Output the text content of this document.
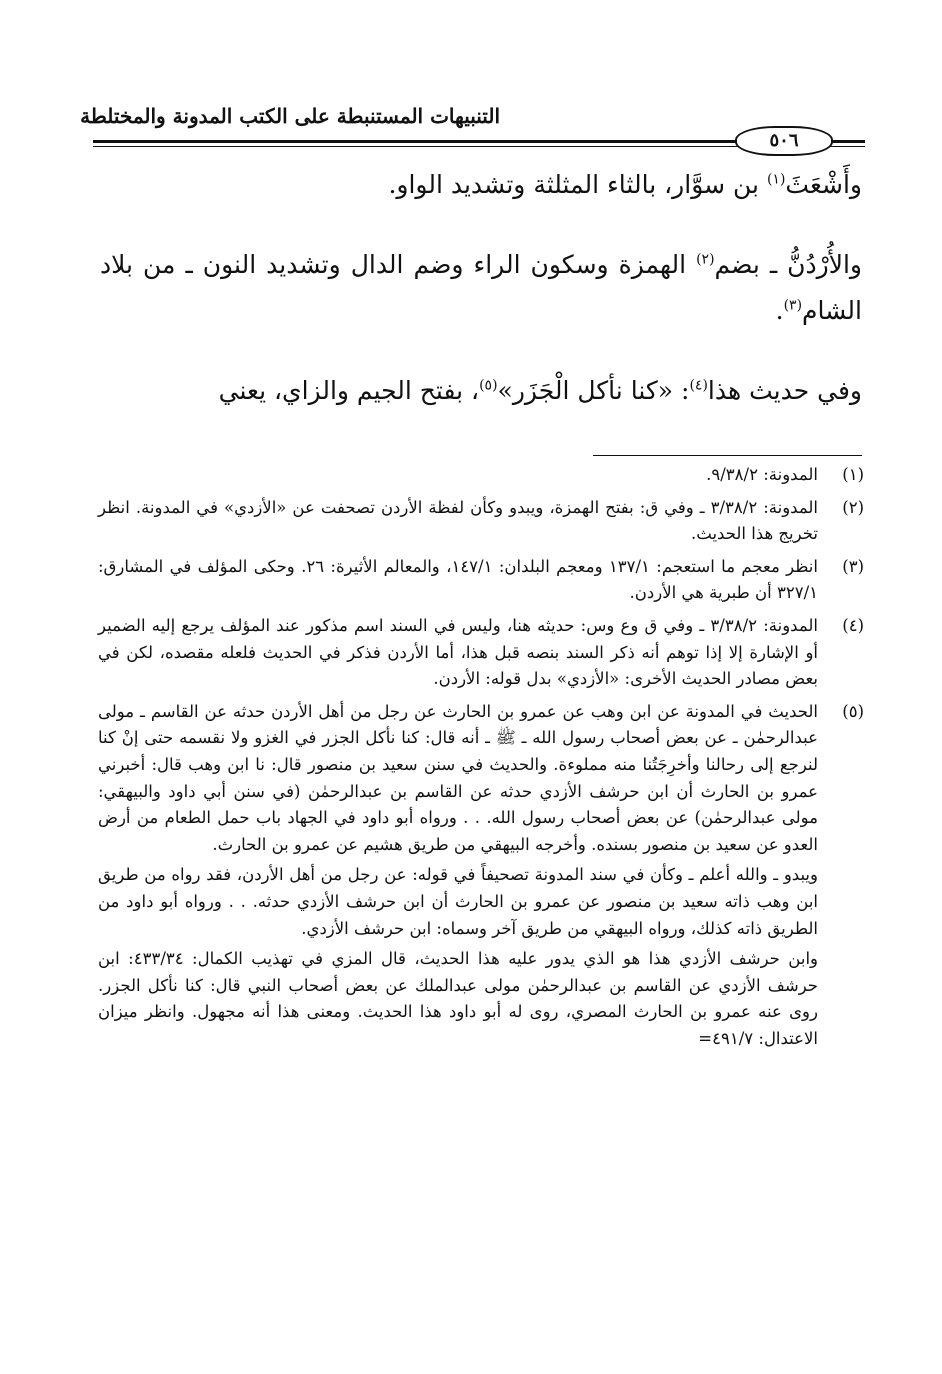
التنبيهات المستنبطة على الكتب المدونة والمختلطة
٥٠٦

وأَشْعَثَ$^{(١)}$ بن سوَّار، بالثاء المثلثة وتشديد الواو.

والأُرْدُنُّ ـ بضم$^{(٢)}$ الهمزة وسكون الراء وضم الدال وتشديد النون ـ من بلاد الشام$^{(٣)}$.

وفي حديث هذا$^{(٤)}$: «كنا نأكل الْجَزَر»$^{(٥)}$، بفتح الجيم والزاي، يعني

(١)
المدونة: ٩/٣٨/٢.
(٢)
المدونة: ٣/٣٨/٢ ـ وفي ق: بفتح الهمزة، ويبدو وكأن لفظة الأردن تصحفت عن «الأزدي» في المدونة. انظر تخريج هذا الحديث.
(٣)
انظر معجم ما استعجم: ١٣٧/١ ومعجم البلدان: ١٤٧/١، والمعالم الأثيرة: ٢٦. وحكى المؤلف في المشارق: ٣٢٧/١ أن طبرية هي الأردن.
(٤)
المدونة: ٣/٣٨/٢ ـ وفي ق وع وس: حديثه هنا، وليس في السند اسم مذكور عند المؤلف يرجع إليه الضمير أو الإشارة إلا إذا توهم أنه ذكر السند بنصه قبل هذا، أما الأردن فذكر في الحديث فلعله مقصده، لكن في بعض مصادر الحديث الأخرى: «الأزدي» بدل قوله: الأردن.
(٥)
الحديث في المدونة عن ابن وهب عن عمرو بن الحارث عن رجل من أهل الأردن حدثه عن القاسم ـ مولى عبدالرحمٰن ـ عن بعض أصحاب رسول الله ـ ﷺ ـ أنه قال: كنا نأكل الجزر في الغزو ولا نقسمه حتى إنْ كنا لنرجع إلى رحالنا وأخرِجَتُنا منه مملوءة. والحديث في سنن سعيد بن منصور قال: نا ابن وهب قال: أخبرني عمرو بن الحارث أن ابن حرشف الأزدي حدثه عن القاسم بن عبدالرحمٰن (في سنن أبي داود والبيهقي: مولى عبدالرحمٰن) عن بعض أصحاب رسول الله. . . ورواه أبو داود في الجهاد باب حمل الطعام من أرض العدو عن سعيد بن منصور بسنده. وأخرجه البيهقي من طريق هشيم عن عمرو بن الحارث.
ويبدو ـ والله أعلم ـ وكأن في سند المدونة تصحيفاً في قوله: عن رجل من أهل الأردن، فقد رواه من طريق ابن وهب ذاته سعيد بن منصور عن عمرو بن الحارث أن ابن حرشف الأزدي حدثه. . . ورواه أبو داود من الطريق ذاته كذلك، ورواه البيهقي من طريق آخر وسماه: ابن حرشف الأزدي.
وابن حرشف الأزدي هذا هو الذي يدور عليه هذا الحديث، قال المزي في تهذيب الكمال: ٤٣٣/٣٤: ابن حرشف الأزدي عن القاسم بن عبدالرحمٰن مولى عبدالملك عن بعض أصحاب النبي قال: كنا نأكل الجزر. روى عنه عمرو بن الحارث المصري، روى له أبو داود هذا الحديث. ومعنى هذا أنه مجهول. وانظر ميزان الاعتدال: ٤٩١/٧=
